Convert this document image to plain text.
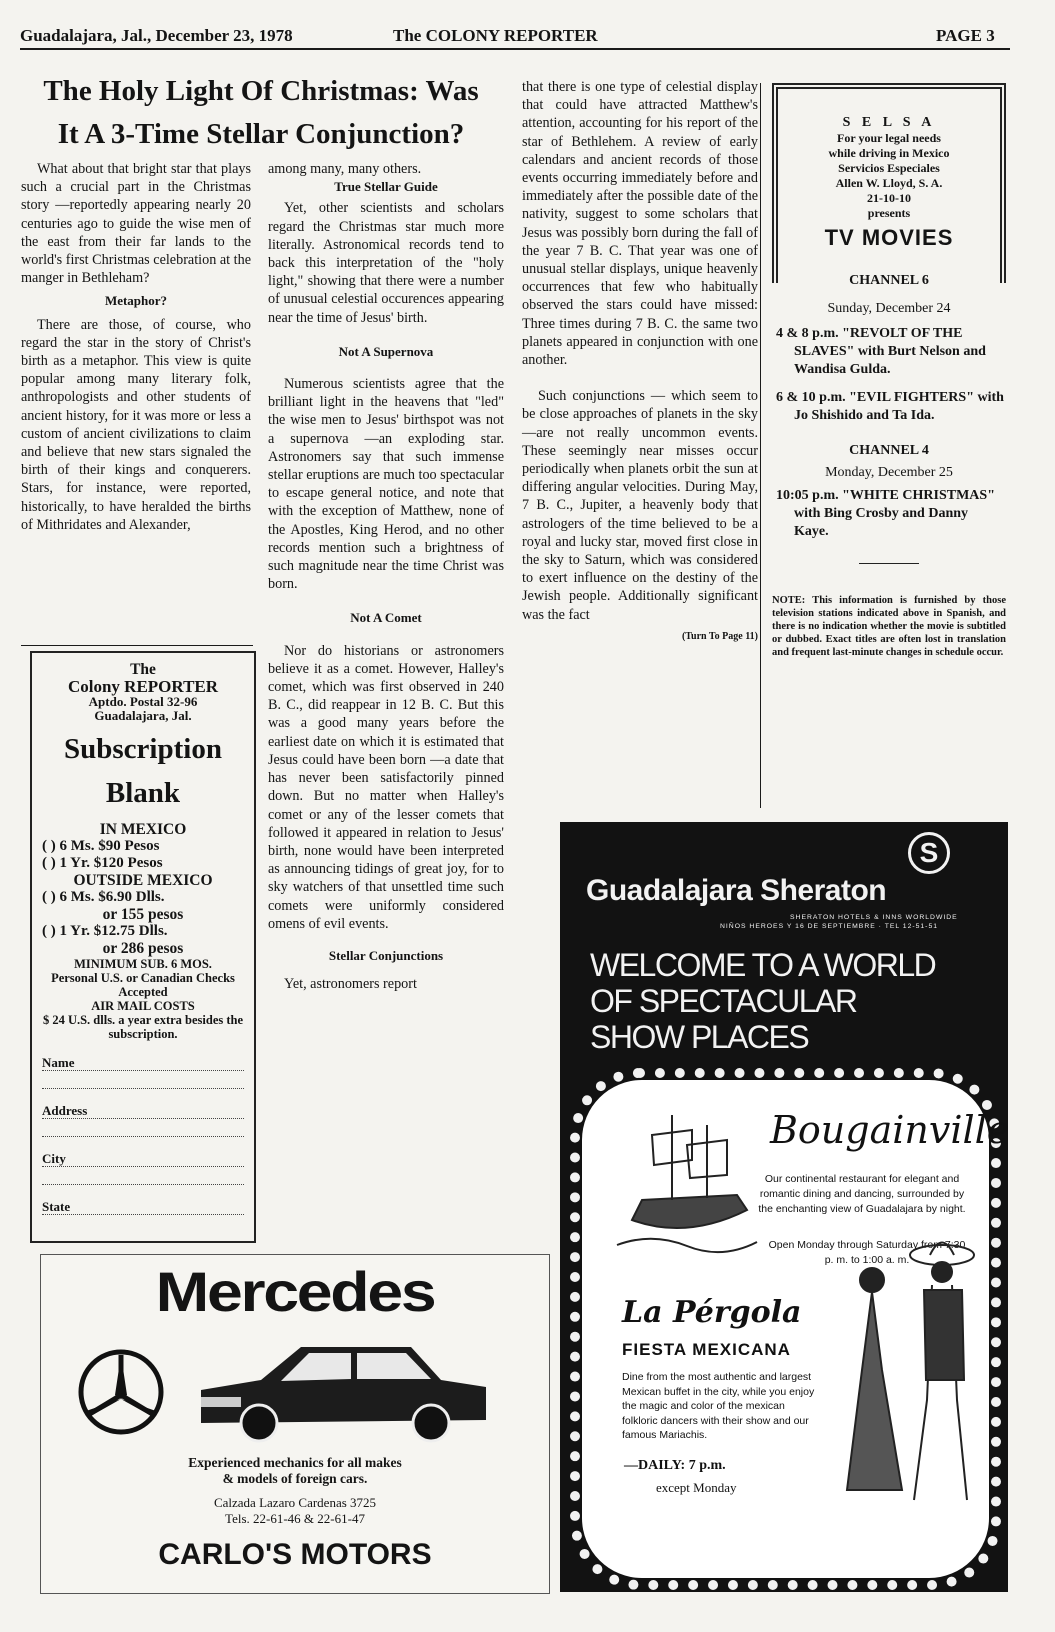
Guadalajara, Jal., December 23, 1978	The COLONY REPORTER	PAGE 3
The Holy Light Of Christmas: Was
It A 3-Time Stellar Conjunction?

What about that bright star that plays such a crucial part in the Christmas story —reportedly appearing nearly 20 centuries ago to guide the wise men of the east from their far lands to the world's first Christmas celebration at the manger in Bethleham?

Metaphor?

There are those, of course, who regard the star in the story of Christ's birth as a metaphor. This view is quite popular among many literary folk, anthropologists and other students of ancient history, for it was more or less a custom of ancient civilizations to claim and believe that new stars signaled the birth of their kings and conquerers. Stars, for instance, were reported, historically, to have heralded the births of Mithridates and Alexander,

among many, many others.

True Stellar Guide

Yet, other scientists and scholars regard the Christmas star much more literally. Astronomical records tend to back this interpretation of the "holy light," showing that there were a number of unusual celestial occurences appearing near the time of Jesus' birth.

Not A Supernova

Numerous scientists agree that the brilliant light in the heavens that "led" the wise men to Jesus' birthspot was not a supernova —an exploding star. Astronomers say that such immense stellar eruptions are much too spectacular to escape general notice, and note that with the exception of Matthew, none of the Apostles, King Herod, and no other records mention such a brightness of such magnitude near the time Christ was born.

Not A Comet

Nor do historians or astronomers believe it as a comet. However, Halley's comet, which was first observed in 240 B. C., did reappear in 12 B. C. But this was a good many years before the earliest date on which it is estimated that Jesus could have been born —a date that has never been satisfactorily pinned down. But no matter when Halley's comet or any of the lesser comets that followed it appeared in relation to Jesus' birth, none would have been interpreted as announcing tidings of great joy, for to sky watchers of that unsettled time such comets were uniformly considered omens of evil events.

Stellar Conjunctions

Yet, astronomers report

that there is one type of celestial display that could have attracted Matthew's attention, accounting for his report of the star of Bethlehem. A review of early calendars and ancient records of those events occurring immediately before and immediately after the possible date of the nativity, suggest to some scholars that Jesus was possibly born during the fall of the year 7 B. C. That year was one of unusual stellar displays, unique heavenly occurrences that few who habitually observed the stars could have missed: Three times during 7 B. C. the same two planets appeared in conjunction with one another.

Such conjunctions — which seem to be close approaches of planets in the sky —are not really uncommon events. These seemingly near misses occur periodically when planets orbit the sun at differing angular velocities. During May, 7 B. C., Jupiter, a heavenly body that astrologers of the time believed to be a royal and lucky star, moved first close in the sky to Saturn, which was considered to exert influence on the destiny of the Jewish people. Additionally significant was the fact

(Turn To Page 11)
The
Colony REPORTER
Aptdo. Postal 32-96
Guadalajara, Jal.
Subscription
Blank
IN MEXICO
( ) 6 Ms. $90 Pesos
( ) 1 Yr. $120 Pesos
OUTSIDE MEXICO
( ) 6 Ms. $6.90 Dlls.
or 155 pesos
( ) 1 Yr. $12.75 Dlls.
or 286 pesos
MINIMUM SUB. 6 MOS.
Personal U.S. or Canadian Checks Accepted
AIR MAIL COSTS
$ 24 U.S. dlls. a year extra besides the subscription.
Name
Address
City
State
S E L S A
For your legal needs
while driving in Mexico
Servicios Especiales
Allen W. Lloyd, S. A.
21-10-10
presents
TV MOVIES
CHANNEL 6
Sunday, December 24
4 & 8 p.m. "REVOLT OF THE SLAVES" with Burt Nelson and Wandisa Gulda.
6 & 10 p.m. "EVIL FIGHTERS" with Jo Shishido and Ta Ida.
CHANNEL 4
Monday, December 25
10:05 p.m. "WHITE CHRISTMAS" with Bing Crosby and Danny Kaye.
NOTE: This information is furnished by those television stations indicated above in Spanish, and there is no indication whether the movie is subtitled or dubbed. Exact titles are often lost in translation and frequent last-minute changes in schedule occur.
S
Guadalajara Sheraton
SHERATON HOTELS & INNS WORLDWIDE
NIÑOS HEROES Y 16 DE SEPTIEMBRE · TEL 12-51-51
WELCOME TO A WORLD
OF SPECTACULAR
SHOW PLACES
Bougainville
Our continental restaurant for elegant and romantic dining and dancing, surrounded by the enchanting view of Guadalajara by night.
Open Monday through Saturday from 7:30 p. m. to 1:00 a. m.
La Pérgola
FIESTA MEXICANA
Dine from the most authentic and largest Mexican buffet in the city, while you enjoy the magic and color of the mexican folkloric dancers with their show and our famous Mariachis.
—DAILY: 7 p.m.
except Monday
Mercedes
Experienced mechanics for all makes
& models of foreign cars.
Calzada Lazaro Cardenas 3725
Tels. 22-61-46 & 22-61-47
CARLO'S MOTORS
